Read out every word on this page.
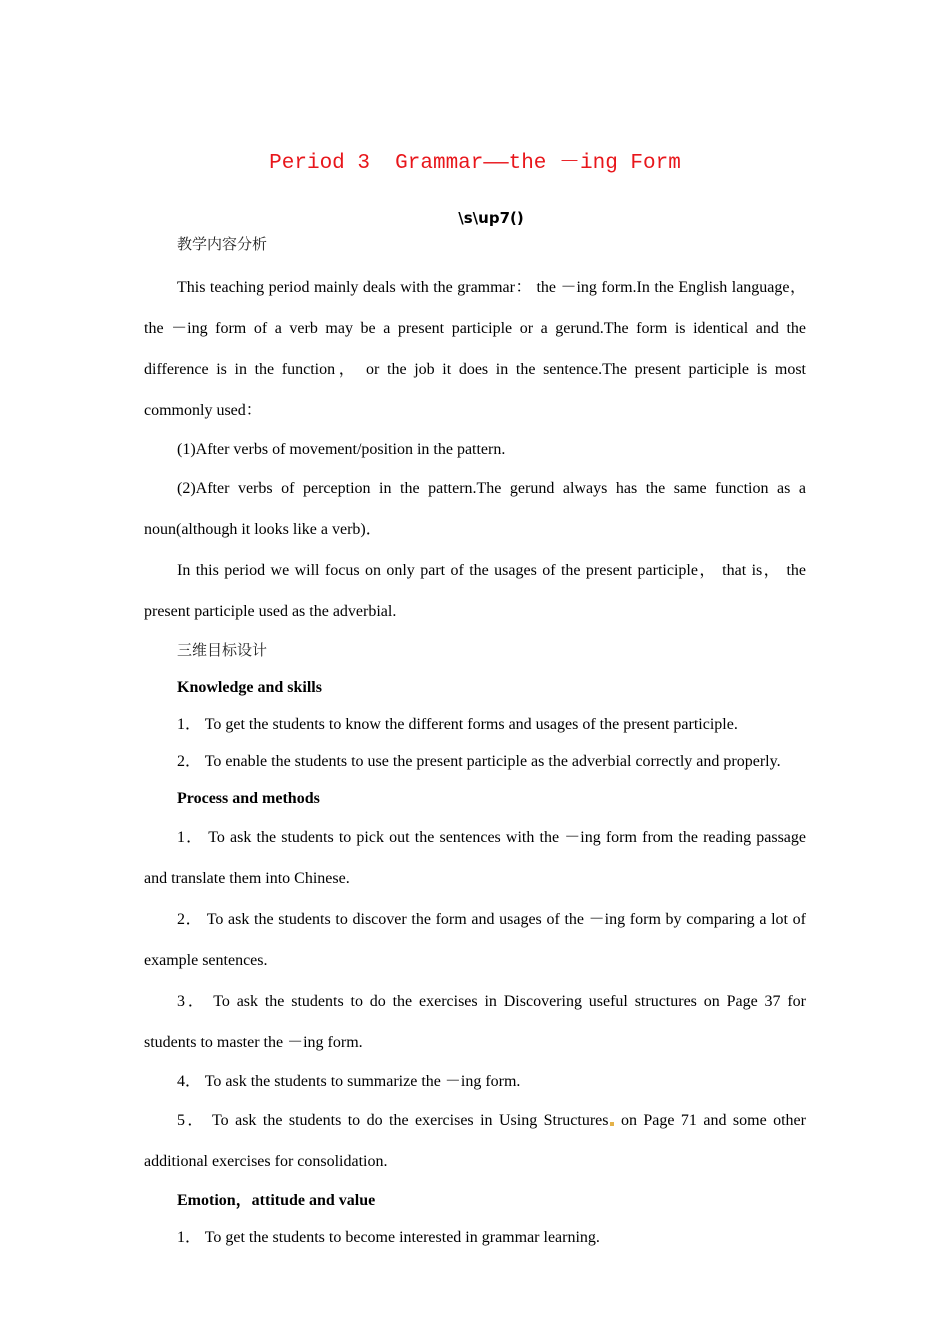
Period 3  Grammar——the －ing Form
\s\up7()

教学内容分析

This teaching period mainly deals with the grammar： the －ing form.In the English language， the －ing form of a verb may be a present participle or a gerund.The form is identical and the difference is in the function， or the job it does in the sentence.The present participle is most commonly used：

(1)After verbs of movement/position in the pattern.

(2)After verbs of perception in the pattern.The gerund always has the same function as a noun(although it looks like a verb)．

In this period we will focus on only part of the usages of the present participle， that is， the present participle used as the adverbial.

三维目标设计

Knowledge and skills

1． To get the students to know the different forms and usages of the present participle.

2． To enable the students to use the present participle as the adverbial correctly and properly.

Process and methods

1． To ask the students to pick out the sentences with the －ing form from the reading passage and translate them into Chinese.

2． To ask the students to discover the form and usages of the －ing form by comparing a lot of example sentences.

3． To ask the students to do the exercises in Discovering useful structures on Page 37 for students to master the －ing form.

4． To ask the students to summarize the －ing form.

5． To ask the students to do the exercises in Using Structures on Page 71 and some other additional exercises for consolidation.

Emotion，attitude and value

1． To get the students to become interested in grammar learning.
